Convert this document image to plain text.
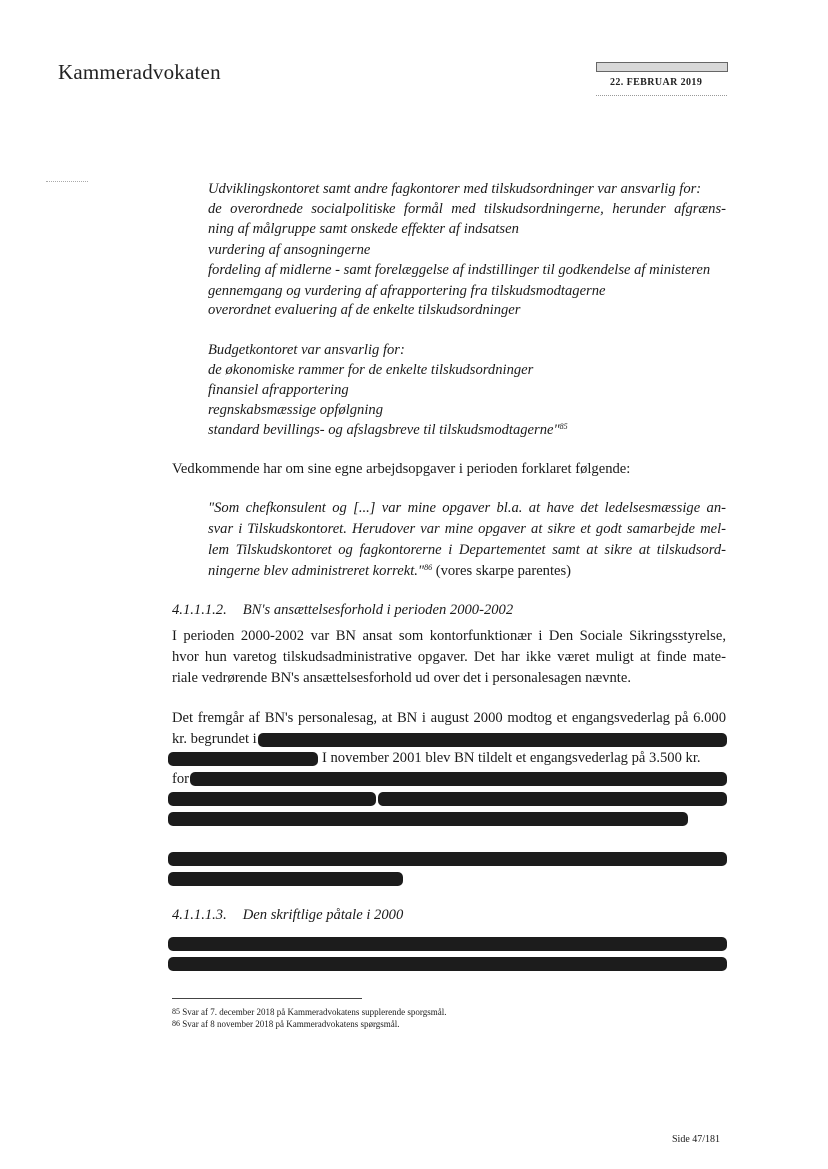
Kammeradvokaten	22. FEBRUAR 2019
Udviklingskontoret samt andre fagkontorer med tilskudsordninger var ansvarlig for:
de overordnede socialpolitiske formål med tilskudsordningerne, herunder afgræns-
ning af målgruppe samt onskede effekter af indsatsen
vurdering af ansogningerne
fordeling af midlerne - samt forelæggelse af indstillinger til godkendelse af ministeren
gennemgang og vurdering af afrapportering fra tilskudsmodtagerne
overordnet evaluering af de enkelte tilskudsordninger
Budgetkontoret var ansvarlig for:
de økonomiske rammer for de enkelte tilskudsordninger
finansiel afrapportering
regnskabsmæssige opfølgning
standard bevillings- og afslagsbreve til tilskudsmodtagerne"$^{85}$
Vedkommende har om sine egne arbejdsopgaver i perioden forklaret følgende:
"Som chefkonsulent og [...] var mine opgaver bl.a. at have det ledelsesmæssige an-
svar i Tilskudskontoret. Herudover var mine opgaver at sikre et godt samarbejde mel-
lem Tilskudskontoret og fagkontorerne i Departementet samt at sikre at tilskudsord-
ningerne blev administreret korrekt."$^{86}$ (vores skarpe parentes)
4.1.1.1.2. BN's ansættelsesforhold i perioden 2000-2002
I perioden 2000-2002 var BN ansat som kontorfunktionær i Den Sociale Sikringsstyrelse,
hvor hun varetog tilskudsadministrative opgaver. Det har ikke været muligt at finde mate-
riale vedrørende BN's ansættelsesforhold ud over det i personalesagen nævnte.
Det fremgår af BN's personalesag, at BN i august 2000 modtog et engangsvederlag på 6.000
kr. begrundet i
I november 2001 blev BN tildelt et engangsvederlag på 3.500 kr.
for
4.1.1.1.3. Den skriftlige påtale i 2000
$^{85}$ Svar af 7. december 2018 på Kammeradvokatens supplerende sporgsmål.
$^{86}$ Svar af 8 november 2018 på Kammeradvokatens spørgsmål.
Side 47/181
